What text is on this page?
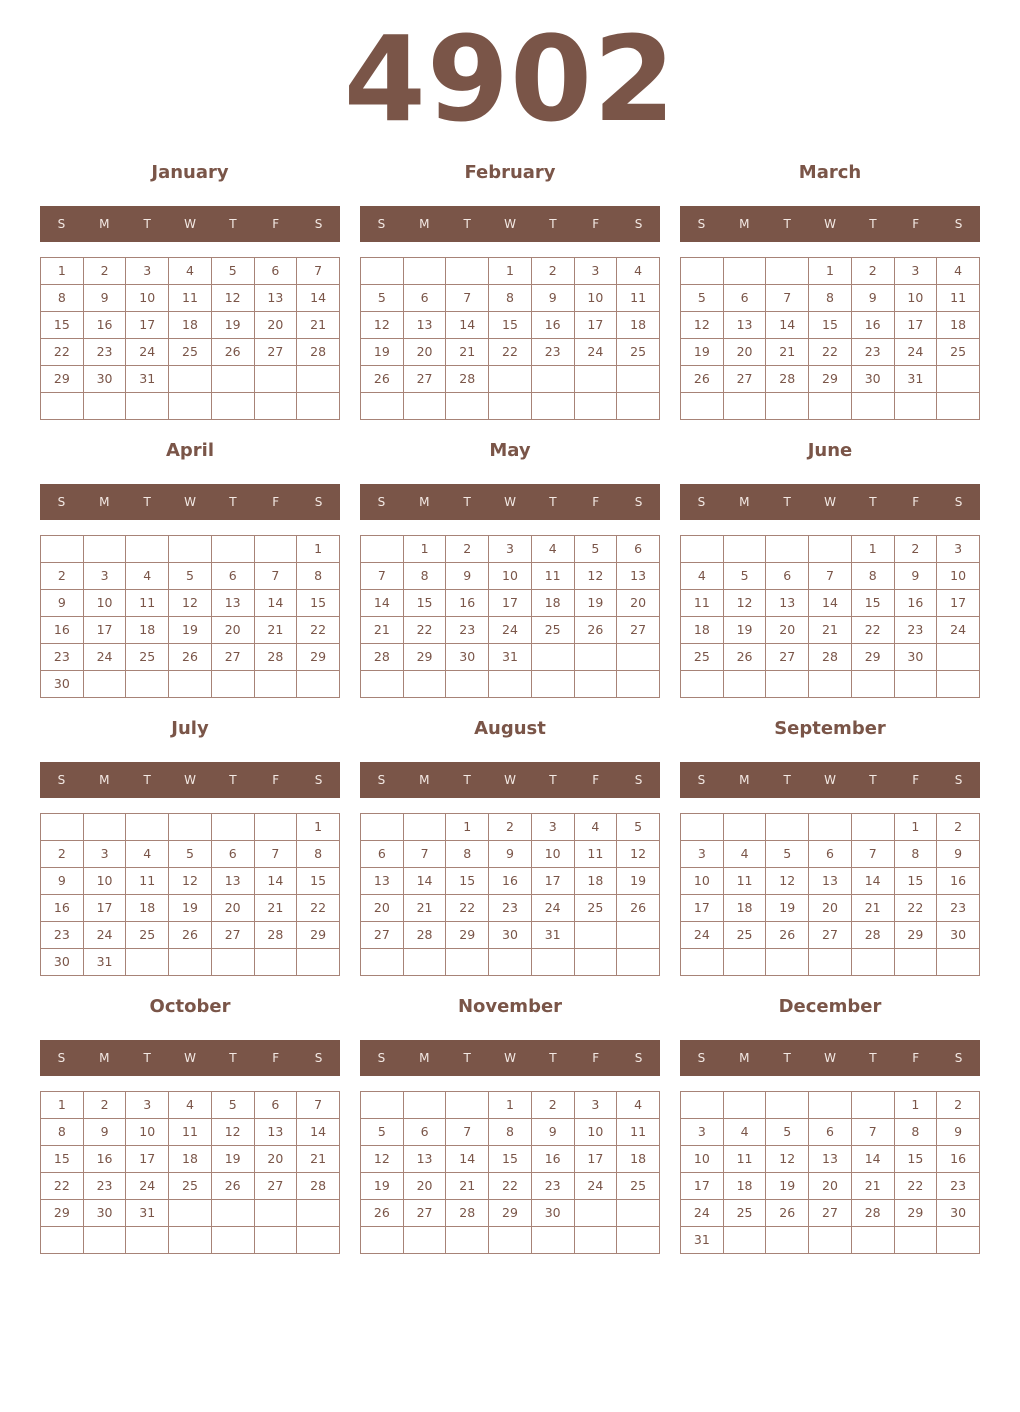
4902
January
S	M	T	W	T	F	S
1	2	3	4	5	6	7
8	9	10	11	12	13	14
15	16	17	18	19	20	21
22	23	24	25	26	27	28
29	30	31				

February
S	M	T	W	T	F	S
			1	2	3	4
5	6	7	8	9	10	11
12	13	14	15	16	17	18
19	20	21	22	23	24	25
26	27	28				

March
S	M	T	W	T	F	S
			1	2	3	4
5	6	7	8	9	10	11
12	13	14	15	16	17	18
19	20	21	22	23	24	25
26	27	28	29	30	31	

April
S	M	T	W	T	F	S
						1
2	3	4	5	6	7	8
9	10	11	12	13	14	15
16	17	18	19	20	21	22
23	24	25	26	27	28	29
30						
May
S	M	T	W	T	F	S
	1	2	3	4	5	6
7	8	9	10	11	12	13
14	15	16	17	18	19	20
21	22	23	24	25	26	27
28	29	30	31			

June
S	M	T	W	T	F	S
				1	2	3
4	5	6	7	8	9	10
11	12	13	14	15	16	17
18	19	20	21	22	23	24
25	26	27	28	29	30	

July
S	M	T	W	T	F	S
						1
2	3	4	5	6	7	8
9	10	11	12	13	14	15
16	17	18	19	20	21	22
23	24	25	26	27	28	29
30	31					
August
S	M	T	W	T	F	S
		1	2	3	4	5
6	7	8	9	10	11	12
13	14	15	16	17	18	19
20	21	22	23	24	25	26
27	28	29	30	31		

September
S	M	T	W	T	F	S
					1	2
3	4	5	6	7	8	9
10	11	12	13	14	15	16
17	18	19	20	21	22	23
24	25	26	27	28	29	30

October
S	M	T	W	T	F	S
1	2	3	4	5	6	7
8	9	10	11	12	13	14
15	16	17	18	19	20	21
22	23	24	25	26	27	28
29	30	31				

November
S	M	T	W	T	F	S
			1	2	3	4
5	6	7	8	9	10	11
12	13	14	15	16	17	18
19	20	21	22	23	24	25
26	27	28	29	30		

December
S	M	T	W	T	F	S
					1	2
3	4	5	6	7	8	9
10	11	12	13	14	15	16
17	18	19	20	21	22	23
24	25	26	27	28	29	30
31						
